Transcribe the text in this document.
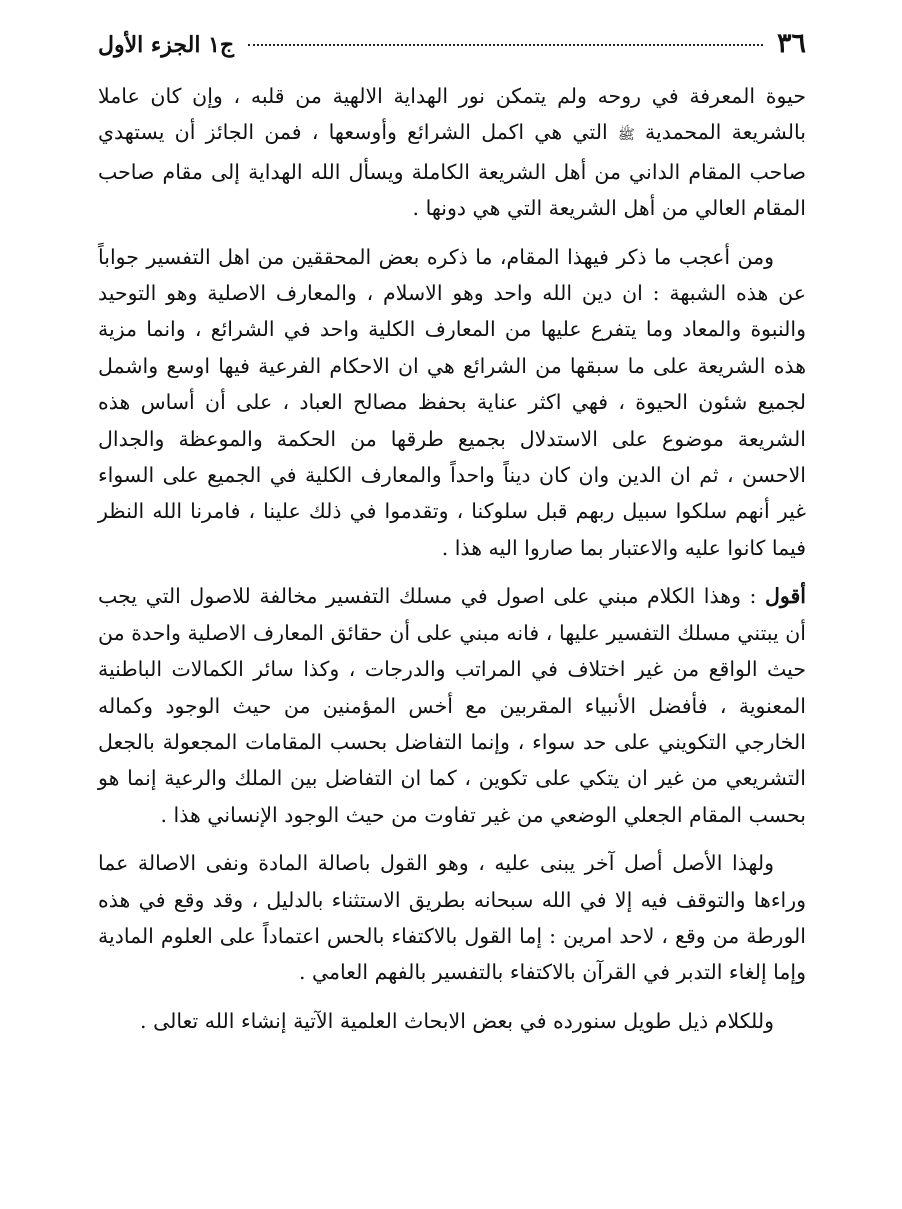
٣٦
ج١ الجزء الأول

حيوة المعرفة في روحه ولم يتمكن نور الهداية الالهية من قلبه ، وإن كان عاملا بالشريعة المحمدية ﷺ التي هي اكمل الشرائع وأوسعها ، فمن الجائز أن يستهدي صاحب المقام الداني من أهل الشريعة الكاملة ويسأل الله الهداية إلى مقام صاحب المقام العالي من أهل الشريعة التي هي دونها .

ومن أعجب ما ذكر فيهذا المقام، ما ذكره بعض المحققين من اهل التفسير جواباً عن هذه الشبهة : ان دين الله واحد وهو الاسلام ، والمعارف الاصلية وهو التوحيد والنبوة والمعاد وما يتفرع عليها من المعارف الكلية واحد في الشرائع ، وانما مزية هذه الشريعة على ما سبقها من الشرائع هي ان الاحكام الفرعية فيها اوسع واشمل لجميع شئون الحيوة ، فهي اكثر عناية بحفظ مصالح العباد ، على أن أساس هذه الشريعة موضوع على الاستدلال بجميع طرقها من الحكمة والموعظة والجدال الاحسن ، ثم ان الدين وان كان ديناً واحداً والمعارف الكلية في الجميع على السواء غير أنهم سلكوا سبيل ربهم قبل سلوكنا ، وتقدموا في ذلك علينا ، فامرنا الله النظر فيما كانوا عليه والاعتبار بما صاروا اليه هذا .

أقول : وهذا الكلام مبني على اصول في مسلك التفسير مخالفة للاصول التي يجب أن يبتني مسلك التفسير عليها ، فانه مبني على أن حقائق المعارف الاصلية واحدة من حيث الواقع من غير اختلاف في المراتب والدرجات ، وكذا سائر الكمالات الباطنية المعنوية ، فأفضل الأنبياء المقربين مع أخس المؤمنين من حيث الوجود وكماله الخارجي التكويني على حد سواء ، وإنما التفاضل بحسب المقامات المجعولة بالجعل التشريعي من غير ان يتكي على تكوين ، كما ان التفاضل بين الملك والرعية إنما هو بحسب المقام الجعلي الوضعي من غير تفاوت من حيث الوجود الإنساني هذا .

ولهذا الأصل أصل آخر يبنى عليه ، وهو القول باصالة المادة ونفى الاصالة عما وراءها والتوقف فيه إلا في الله سبحانه بطريق الاستثناء بالدليل ، وقد وقع في هذه الورطة من وقع ، لاحد امرين : إما القول بالاكتفاء بالحس اعتماداً على العلوم المادية وإما إلغاء التدبر في القرآن بالاكتفاء بالتفسير بالفهم العامي .

وللكلام ذيل طويل سنورده في بعض الابحاث العلمية الآتية إنشاء الله تعالى .
